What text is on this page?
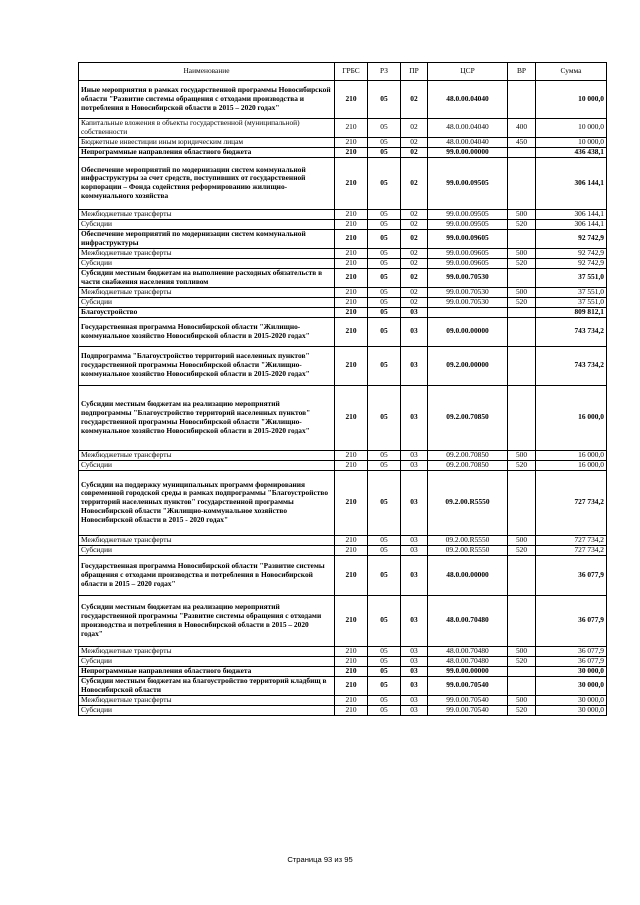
Наименование	ГРБС	РЗ	ПР	ЦСР	ВР	Сумма
Иные мероприятия в рамках государственной программы Новосибирской области "Развитие системы обращения с отходами производства и потребления в Новосибирской области в 2015 – 2020 годах"	210	05	02	48.0.00.04040		10 000,0
Капитальные вложения в объекты государственной (муниципальной) собственности	210	05	02	48.0.00.04040	400	10 000,0
Бюджетные инвестиции иным юридическим лицам	210	05	02	48.0.00.04040	450	10 000,0
Непрограммные направления областного бюджета	210	05	02	99.0.00.00000		436 438,1
Обеспечение мероприятий по модернизации систем коммунальной инфраструктуры за счет средств, поступивших от государственной корпорации – Фонда содействия реформированию жилищно-коммунального хозяйства	210	05	02	99.0.00.09505		306 144,1
Межбюджетные трансферты	210	05	02	99.0.00.09505	500	306 144,1
Субсидии	210	05	02	99.0.00.09505	520	306 144,1
Обеспечение мероприятий по модернизации систем коммунальной инфраструктуры	210	05	02	99.0.00.09605		92 742,9
Межбюджетные трансферты	210	05	02	99.0.00.09605	500	92 742,9
Субсидии	210	05	02	99.0.00.09605	520	92 742,9
Субсидии местным бюджетам на выполнение расходных обязательств в части снабжения населения топливом	210	05	02	99.0.00.70530		37 551,0
Межбюджетные трансферты	210	05	02	99.0.00.70530	500	37 551,0
Субсидии	210	05	02	99.0.00.70530	520	37 551,0
Благоустройство	210	05	03			809 812,1
Государственная программа Новосибирской области "Жилищно-коммунальное хозяйство Новосибирской области в 2015-2020 годах"	210	05	03	09.0.00.00000		743 734,2
Подпрограмма "Благоустройство территорий населенных пунктов" государственной программы Новосибирской области "Жилищно-коммунальное хозяйство Новосибирской области в 2015-2020 годах"	210	05	03	09.2.00.00000		743 734,2
Субсидии местным бюджетам на реализацию мероприятий подпрограммы "Благоустройство территорий населенных пунктов" государственной программы Новосибирской области "Жилищно-коммунальное хозяйство Новосибирской области в 2015-2020 годах"	210	05	03	09.2.00.70850		16 000,0
Межбюджетные трансферты	210	05	03	09.2.00.70850	500	16 000,0
Субсидии	210	05	03	09.2.00.70850	520	16 000,0
Субсидии на поддержку муниципальных программ формирования современной городской среды в рамках подпрограммы "Благоустройство территорий населенных пунктов" государственной программы Новосибирской области "Жилищно-коммунальное хозяйство Новосибирской области в 2015 - 2020 годах"	210	05	03	09.2.00.R5550		727 734,2
Межбюджетные трансферты	210	05	03	09.2.00.R5550	500	727 734,2
Субсидии	210	05	03	09.2.00.R5550	520	727 734,2
Государственная программа Новосибирской области "Развитие системы обращения с отходами производства и потребления в Новосибирской области в 2015 – 2020 годах"	210	05	03	48.0.00.00000		36 077,9
Субсидии местным бюджетам на реализацию мероприятий государственной программы "Развитие системы обращения с отходами производства и потребления в Новосибирской области в 2015 – 2020 годах"	210	05	03	48.0.00.70480		36 077,9
Межбюджетные трансферты	210	05	03	48.0.00.70480	500	36 077,9
Субсидии	210	05	03	48.0.00.70480	520	36 077,9
Непрограммные направления областного бюджета	210	05	03	99.0.00.00000		30 000,0
Субсидии местным бюджетам на благоустройство территорий кладбищ в Новосибирской области	210	05	03	99.0.00.70540		30 000,0
Межбюджетные трансферты	210	05	03	99.0.00.70540	500	30 000,0
Субсидии	210	05	03	99.0.00.70540	520	30 000,0
Страница 93 из 95
